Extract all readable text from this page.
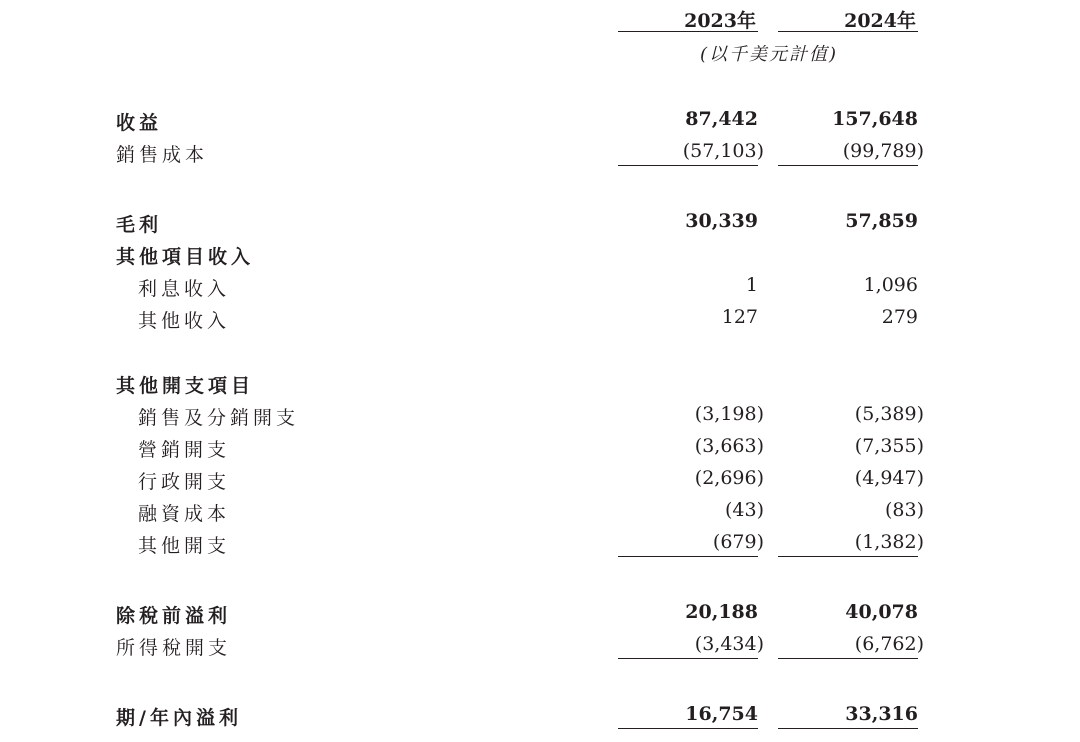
2023年	2024年
(以千美元計值)
收益	87,442	157,648
銷售成本	(57,103)	(99,789)
毛利	30,339	57,859
其他項目收入
利息收入	1	1,096
其他收入	127	279
其他開支項目
銷售及分銷開支	(3,198)	(5,389)
營銷開支	(3,663)	(7,355)
行政開支	(2,696)	(4,947)
融資成本	(43)	(83)
其他開支	(679)	(1,382)
除稅前溢利	20,188	40,078
所得稅開支	(3,434)	(6,762)
期/年內溢利	16,754	33,316
